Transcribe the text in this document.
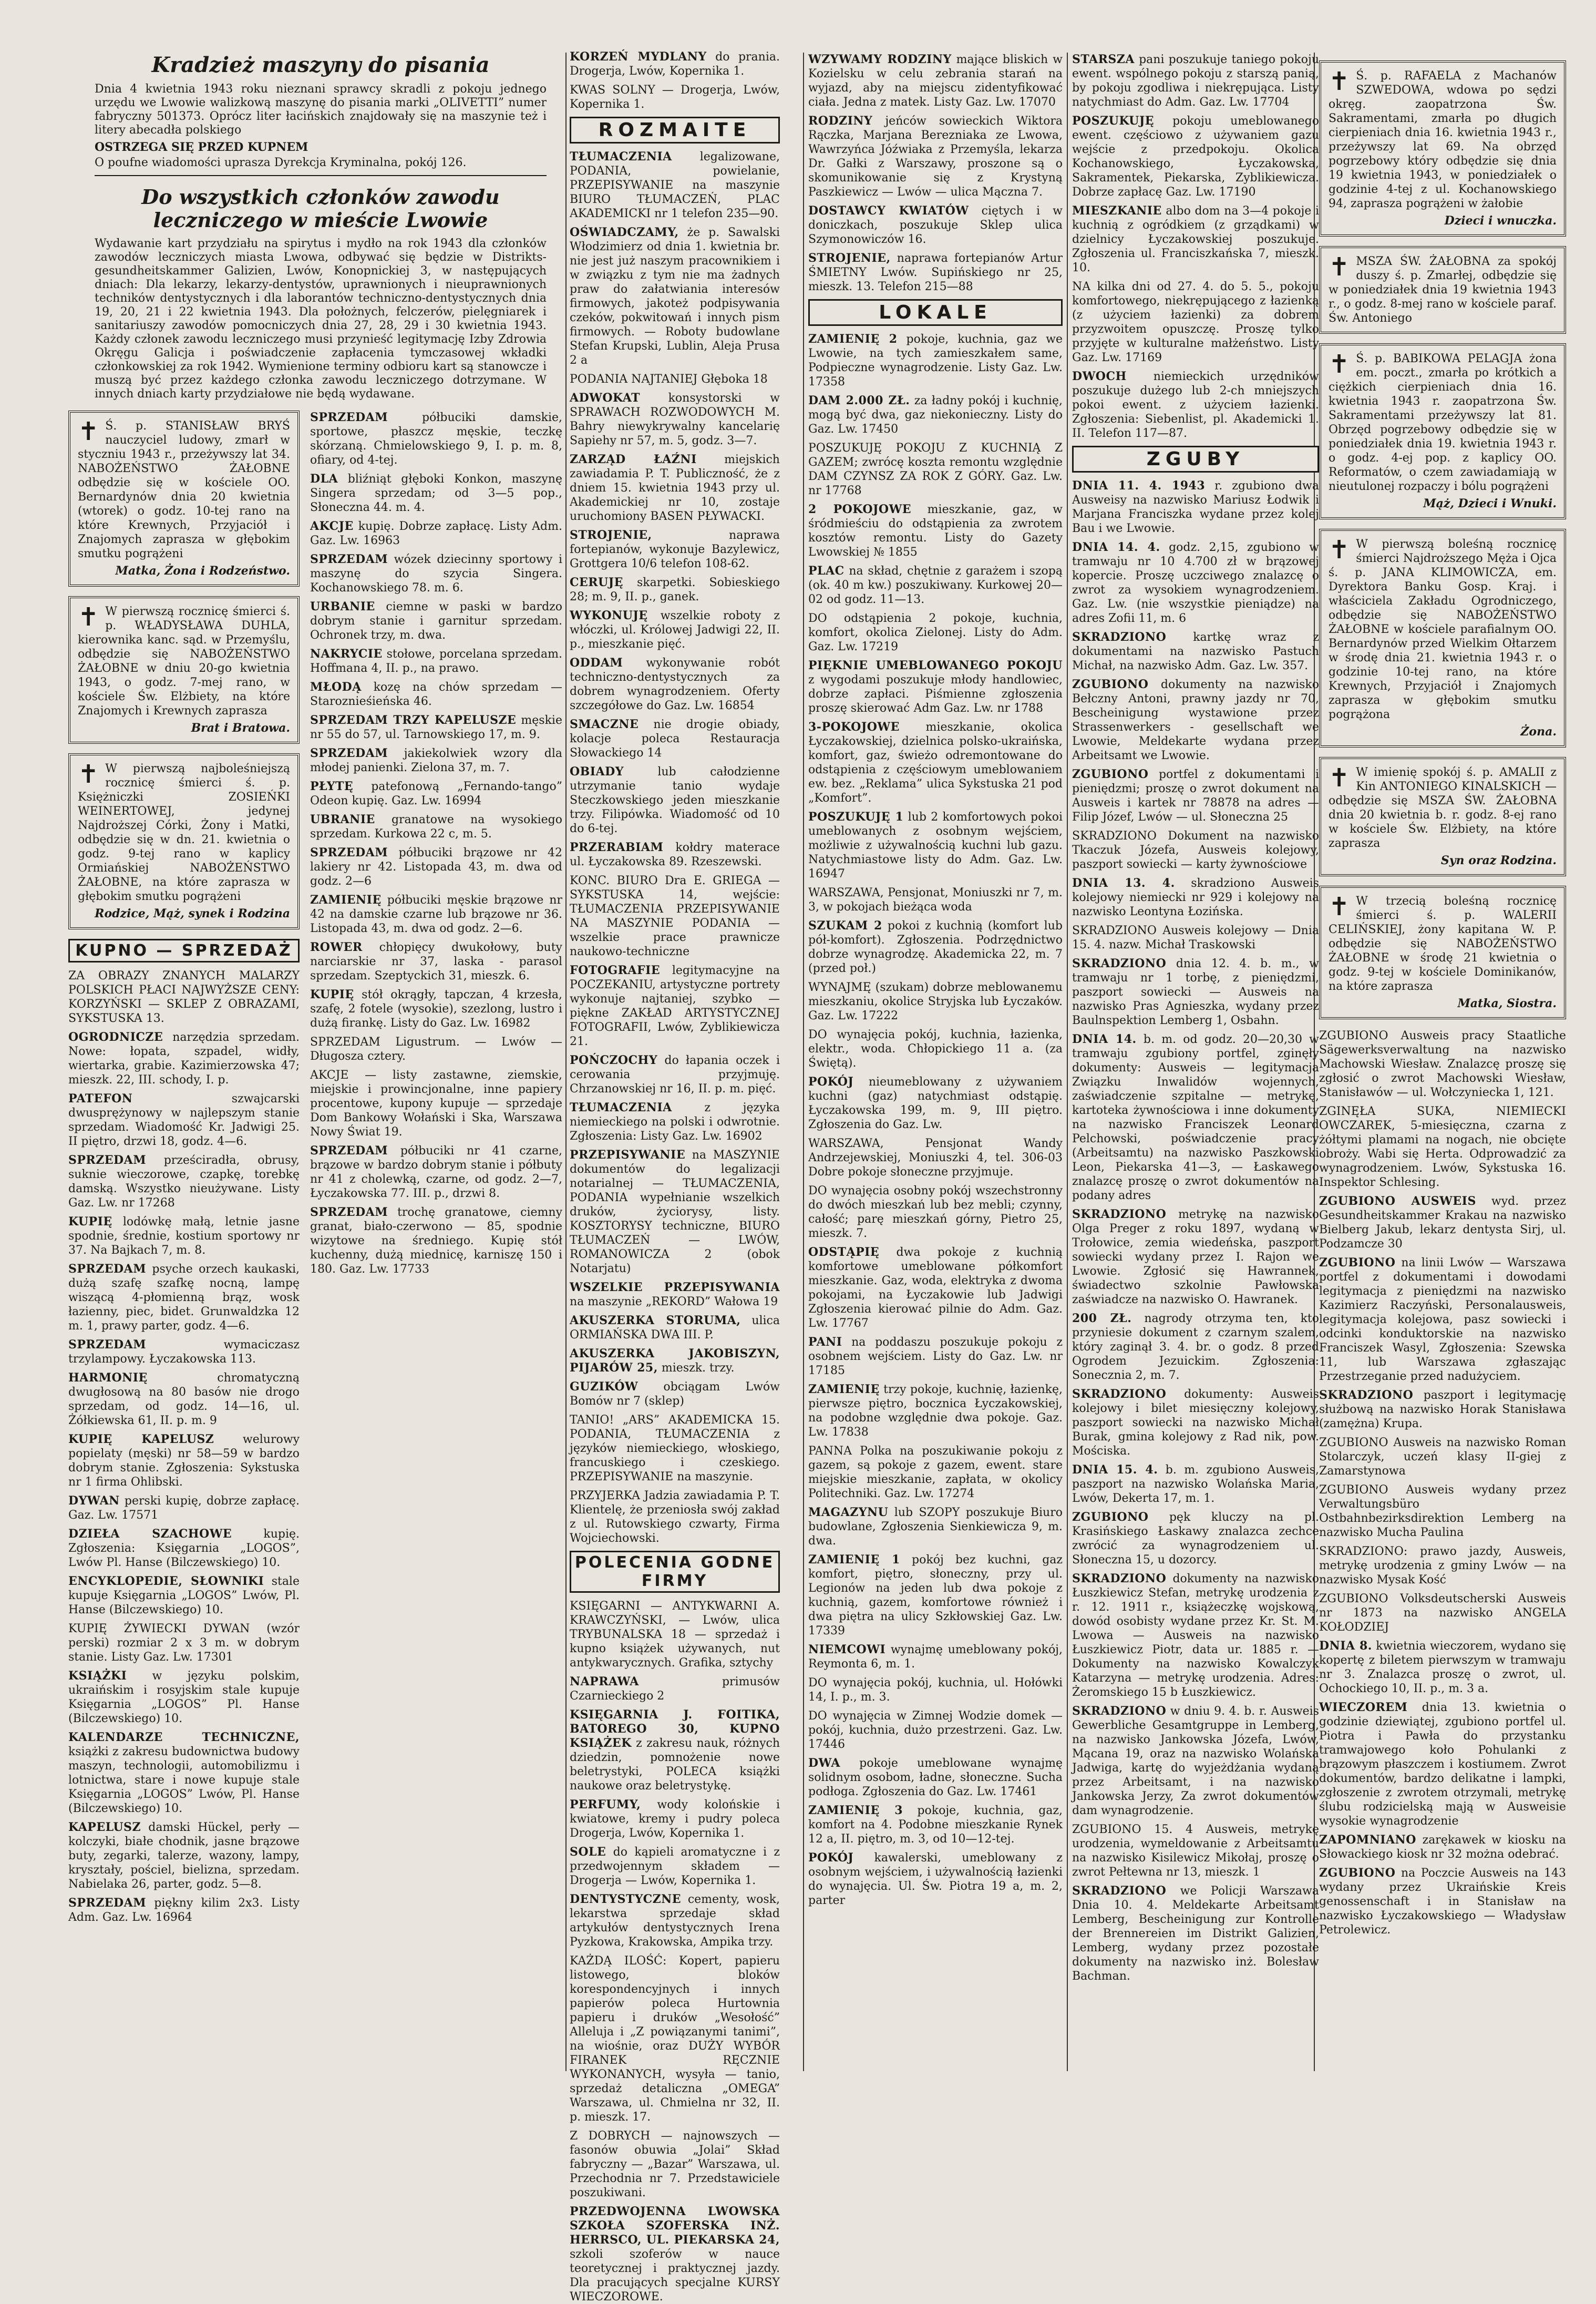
Kradzież maszyny do pisania

Dnia 4 kwietnia 1943 roku nieznani sprawcy skradli z pokoju jednego urzędu we Lwowie walizkową maszynę do pisania marki „OLIVETTI” numer fabryczny 501373. Oprócz liter łacińskich znajdowały się na maszynie też i litery abecadła polskiego

OSTRZEGA SIĘ PRZED KUPNEM

O poufne wiadomości uprasza Dyrekcja Kryminalna, pokój 126.

Do wszystkich członków zawodu leczniczego w mieście Lwowie

Wydawanie kart przydziału na spirytus i mydło na rok 1943 dla członków zawodów leczniczych miasta Lwowa, odbywać się będzie w Distrikts-gesundheitskammer Galizien, Lwów, Konopnickiej 3, w następujących dniach: Dla lekarzy, lekarzy-dentystów, uprawnionych i nieuprawnionych techników dentystycznych i dla laborantów techniczno-dentystycznych dnia 19, 20, 21 i 22 kwietnia 1943. Dla położnych, felczerów, pielęgniarek i sanitariuszy zawodów pomocniczych dnia 27, 28, 29 i 30 kwietnia 1943. Każdy członek zawodu leczniczego musi przynieść legitymację Izby Zdrowia Okręgu Galicja i poświadczenie zapłacenia tymczasowej wkładki członkowskiej za rok 1942. Wymienione terminy odbioru kart są stanowcze i muszą być przez każdego członka zawodu leczniczego dotrzymane. W innych dniach karty przydziałowe nie będą wydawane.

✝ Ś. p. STANISŁAW BRYŚ nauczyciel ludowy, zmarł w styczniu 1943 r., przeżywszy lat 34. NABOŻEŃSTWO ŻAŁOBNE odbędzie się w kościele OO. Bernardynów dnia 20 kwietnia (wtorek) o godz. 10-tej rano na które Krewnych, Przyjaciół i Znajomych zaprasza w głębokim smutku pogrążeni
Matka, Żona i Rodzeństwo.
✝ W pierwszą rocznicę śmierci ś. p. WŁADYSŁAWA DUHLA, kierownika kanc. sąd. w Przemyślu, odbędzie się NABOŻEŃSTWO ŻAŁOBNE w dniu 20-go kwietnia 1943, o godz. 7-mej rano, w kościele Św. Elżbiety, na które Znajomych i Krewnych zaprasza
Brat i Bratowa.
✝ W pierwszą najboleśniejszą rocznicę śmierci ś. p. Księżniczki ZOSIEŃKI WEINERTOWEJ, jedynej Najdroższej Córki, Żony i Matki, odbędzie się w dn. 21. kwietnia o godz. 9-tej rano w kaplicy Ormiańskiej NABOŻEŃSTWO ŻAŁOBNE, na które zaprasza w głębokim smutku pogrążeni
Rodzice, Mąż, synek i Rodzina
KUPNO — SPRZEDAŻ

ZA OBRAZY ZNANYCH MALARZY POLSKICH PŁACI NAJWYŻSZE CENY: KORZYŃSKI — SKLEP Z OBRAZAMI, SYKSTUSKA 13.

OGRODNICZE narzędzia sprzedam. Nowe: łopata, szpadel, widły, wiertarka, grabie. Kazimierzowska 47; mieszk. 22, III. schody, I. p.

PATEFON szwajcarski dwusprężynowy w najlepszym stanie sprzedam. Wiadomość Kr. Jadwigi 25. II piętro, drzwi 18, godz. 4—6.

SPRZEDAM prześciradła, obrusy, suknie wieczorowe, czapkę, torebkę damską. Wszystko nieużywane. Listy Gaz. Lw. nr 17268

KUPIĘ lodówkę małą, letnie jasne spodnie, średnie, kostium sportowy nr 37. Na Bajkach 7, m. 8.

SPRZEDAM psyche orzech kaukaski, dużą szafę szafkę nocną, lampę wiszącą 4-płomienną brąz, wosk łazienny, piec, bidet. Grunwaldzka 12 m. 1, prawy parter, godz. 4—6.

SPRZEDAM wymaciczasz trzylampowy. Łyczakowska 113.

HARMONIĘ chromatyczną dwugłosową na 80 basów nie drogo sprzedam, od godz. 14—16, ul. Żółkiewska 61, II. p. m. 9

KUPIĘ KAPELUSZ welurowy popielaty (męski) nr 58—59 w bardzo dobrym stanie. Zgłoszenia: Sykstuska nr 1 firma Ohlibski.

DYWAN perski kupię, dobrze zapłacę. Gaz. Lw. 17571

DZIEŁA SZACHOWE kupię. Zgłoszenia: Księgarnia „LOGOS”, Lwów Pl. Hanse (Bilczewskiego) 10.

ENCYKLOPEDIE, SŁOWNIKI stale kupuje Księgarnia „LOGOS” Lwów, Pl. Hanse (Bilczewskiego) 10.

KUPIĘ ŻYWIECKI DYWAN (wzór perski) rozmiar 2 x 3 m. w dobrym stanie. Listy Gaz. Lw. 17301

KSIĄŻKI w języku polskim, ukraińskim i rosyjskim stale kupuje Księgarnia „LOGOS” Pl. Hanse (Bilczewskiego) 10.

KALENDARZE TECHNICZNE, książki z zakresu budownictwa budowy maszyn, technologii, automobilizmu i lotnictwa, stare i nowe kupuje stale Księgarnia „LOGOS” Lwów, Pl. Hanse (Bilczewskiego) 10.

KAPELUSZ damski Hückel, perły — kolczyki, białe chodnik, jasne brązowe buty, zegarki, talerze, wazony, lampy, kryształy, pościel, bielizna, sprzedam. Nabielaka 26, parter, godz. 5—8.

SPRZEDAM piękny kilim 2x3. Listy Adm. Gaz. Lw. 16964

SPRZEDAM półbuciki damskie, sportowe, płaszcz męskie, teczkę skórzaną. Chmielowskiego 9, I. p. m. 8, ofiary, od 4-tej.

DLA bliźniąt głęboki Konkon, maszynę Singera sprzedam; od 3—5 pop., Słoneczna 44. m. 4.

AKCJE kupię. Dobrze zapłacę. Listy Adm. Gaz. Lw. 16963

SPRZEDAM wózek dziecinny sportowy i maszynę do szycia Singera. Kochanowskiego 78. m. 6.

URBANIE ciemne w paski w bardzo dobrym stanie i garnitur sprzedam. Ochronek trzy, m. dwa.

NAKRYCIE stołowe, porcelana sprzedam. Hoffmana 4, II. p., na prawo.

MŁODĄ kozę na chów sprzedam — Staroznieśieńska 46.

SPRZEDAM TRZY KAPELUSZE męskie nr 55 do 57, ul. Tarnowskiego 17, m. 9.

SPRZEDAM jakiekolwiek wzory dla młodej panienki. Zielona 37, m. 7.

PŁYTĘ patefonową „Fernando-tango” Odeon kupię. Gaz. Lw. 16994

UBRANIE granatowe na wysokiego sprzedam. Kurkowa 22 c, m. 5.

SPRZEDAM półbuciki brązowe nr 42 lakiery nr 42. Listopada 43, m. dwa od godz. 2—6

ZAMIENIĘ półbuciki męskie brązowe nr 42 na damskie czarne lub brązowe nr 36. Listopada 43, m. dwa od godz. 2—6.

ROWER chłopięcy dwukołowy, buty narciarskie nr 37, laska - parasol sprzedam. Szeptyckich 31, mieszk. 6.

KUPIĘ stół okrągły, tapczan, 4 krzesła, szafę, 2 fotele (wysokie), szezlong, lustro i dużą firankę. Listy do Gaz. Lw. 16982

SPRZEDAM Ligustrum. — Lwów — Długosza cztery.

AKCJE — listy zastawne, ziemskie, miejskie i prowincjonalne, inne papiery procentowe, kupony kupuje — sprzedaje Dom Bankowy Wołański i Ska, Warszawa Nowy Świat 19.

SPRZEDAM półbuciki nr 41 czarne, brązowe w bardzo dobrym stanie i półbuty nr 41 z cholewką, czarne, od godz. 2—7, Łyczakowska 77. III. p., drzwi 8.

SPRZEDAM trochę granatowe, ciemny granat, biało-czerwono — 85, spodnie wizytowe na średniego. Kupię stół kuchenny, dużą miednicę, karniszę 150 i 180. Gaz. Lw. 17733

KORZEŃ MYDLANY do prania. Drogerja, Lwów, Kopernika 1.

KWAS SOLNY — Drogerja, Lwów, Kopernika 1.

ROZMAITE

TŁUMACZENIA legalizowane, PODANIA, powielanie, PRZEPISYWANIE na maszynie BIURO TŁUMACZEŃ, PLAC AKADEMICKI nr 1 telefon 235—90.

OŚWIADCZAMY, że p. Sawalski Włodzimierz od dnia 1. kwietnia br. nie jest już naszym pracownikiem i w związku z tym nie ma żadnych praw do załatwiania interesów firmowych, jakoteż podpisywania czeków, pokwitowań i innych pism firmowych. — Roboty budowlane Stefan Krupski, Lublin, Aleja Prusa 2 a

PODANIA NAJTANIEJ Głęboka 18

ADWOKAT konsystorski w SPRAWACH ROZWODOWYCH M. Bahry niewykrywalny kancelarię Sapiehy nr 57, m. 5, godz. 3—7.

ZARZĄD ŁAŹNI miejskich zawiadamia P. T. Publiczność, że z dniem 15. kwietnia 1943 przy ul. Akademickiej nr 10, zostaje uruchomiony BASEN PŁYWACKI.

STROJENIE, naprawa fortepianów, wykonuje Bazylewicz, Grottgera 10/6 telefon 108-62.

CERUJĘ skarpetki. Sobieskiego 28; m. 9, II. p., ganek.

WYKONUJĘ wszelkie roboty z włóczki, ul. Królowej Jadwigi 22, II. p., mieszkanie pięć.

ODDAM wykonywanie robót techniczno-dentystycznych za dobrem wynagrodzeniem. Oferty szczegółowe do Gaz. Lw. 16854

SMACZNE nie drogie obiady, kolacje poleca Restauracja Słowackiego 14

OBIADY lub całodzienne utrzymanie tanio wydaje Steczkowskiego jeden mieszkanie trzy. Filipówka. Wiadomość od 10 do 6-tej.

PRZERABIAM kołdry materace ul. Łyczakowska 89. Rzeszewski.

KONC. BIURO Dra E. GRIEGA — SYKSTUSKA 14, wejście: TŁUMACZENIA PRZEPISYWANIE NA MASZYNIE PODANIA — wszelkie prace prawnicze naukowo-techniczne

FOTOGRAFIE legitymacyjne na POCZEKANIU, artystyczne portrety wykonuje najtaniej, szybko — piękne ZAKŁAD ARTYSTYCZNEJ FOTOGRAFII, Lwów, Zyblikiewicza 21.

POŃCZOCHY do łapania oczek i cerowania przyjmuję. Chrzanowskiej nr 16, II. p. m. pięć.

TŁUMACZENIA z języka niemieckiego na polski i odwrotnie. Zgłoszenia: Listy Gaz. Lw. 16902

PRZEPISYWANIE na MASZYNIE dokumentów do legalizacji notarialnej — TŁUMACZENIA, PODANIA wypełnianie wszelkich druków, życiorysy, listy. KOSZTORYSY techniczne, BIURO TŁUMACZEŃ — LWÓW, ROMANOWICZA 2 (obok Notarjatu)

WSZELKIE PRZEPISYWANIA na maszynie „REKORD” Wałowa 19

AKUSZERKA STORUMA, ulica ORMIAŃSKA DWA III. P.

AKUSZERKA JAKOBISZYN, PIJARÓW 25, mieszk. trzy.

GUZIKÓW obciągam Lwów Bomów nr 7 (sklep)

TANIO! „ARS” AKADEMICKA 15. PODANIA, TŁUMACZENIA z języków niemieckiego, włoskiego, francuskiego i czeskiego. PRZEPISYWANIE na maszynie.

PRZYJERKA Jadzia zawiadamia P. T. Klientelę, że przeniosła swój zakład z ul. Rutowskiego czwarty, Firma Wojciechowski.

POLECENIA GODNE FIRMY

KSIĘGARNI — ANTYKWARNI A. KRAWCZYŃSKI, — Lwów, ulica TRYBUNALSKA 18 — sprzedaż i kupno książek używanych, nut antykwarycznych. Grafika, sztychy

NAPRAWA primusów Czarnieckiego 2

KSIĘGARNIA J. FOITIKA, BATOREGO 30, KUPNO KSIĄŻEK z zakresu nauk, różnych dziedzin, pomnożenie nowe beletrystyki, POLECA książki naukowe oraz beletrystykę.

PERFUMY, wody kolońskie i kwiatowe, kremy i pudry poleca Drogerja, Lwów, Kopernika 1.

SOLE do kąpieli aromatyczne i z przedwojennym składem — Drogerja — Lwów, Kopernika 1.

DENTYSTYCZNE cementy, wosk, lekarstwa sprzedaje skład artykułów dentystycznych Irena Pyzkowa, Krakowska, Ampika trzy.

KAŻDĄ ILOŚĆ: Kopert, papieru listowego, bloków korespondencyjnych i innych papierów poleca Hurtownia papieru i druków „Wesołość” Alleluja i „Z powiązanymi tanimi”, na wiośnie, oraz DUŻY WYBÓR FIRANEK RĘCZNIE WYKONANYCH, wysyła — tanio, sprzedaż detaliczna „OMEGA” Warszawa, ul. Chmielna nr 32, II. p. mieszk. 17.

Z DOBRYCH — najnowszych — fasonów obuwia „Jolai” Skład fabryczny — „Bazar” Warszawa, ul. Przechodnia nr 7. Przedstawiciele poszukiwani.

PRZEDWOJENNA LWOWSKA SZKOŁA SZOFERSKA INŻ. HERRSCO, UL. PIEKARSKA 24, szkoli szoferów w nauce teoretycznej i praktycznej jazdy. Dla pracujących specjalne KURSY WIECZOROWE.

WZYWAMY RODZINY mające bliskich w Kozielsku w celu zebrania starań na wyjazd, aby na miejscu zidentyfikować ciała. Jedna z matek. Listy Gaz. Lw. 17070

RODZINY jeńców sowieckich Wiktora Rączka, Marjana Berezniaka ze Lwowa, Wawrzyńca Jóźwiaka z Przemyśla, lekarza Dr. Gałki z Warszawy, proszone są o skomunikowanie się z Krystyną Paszkiewicz — Lwów — ulica Mączna 7.

DOSTAWCY KWIATÓW ciętych i w doniczkach, poszukuje Sklep ulica Szymonowiczów 16.

STROJENIE, naprawa fortepianów Artur ŚMIETNY Lwów. Supińskiego nr 25, mieszk. 13. Telefon 215—88

LOKALE

ZAMIENIĘ 2 pokoje, kuchnia, gaz we Lwowie, na tych zamieszkałem same, Podpieczne wynagrodzenie. Listy Gaz. Lw. 17358

DAM 2.000 ZŁ. za ładny pokój i kuchnię, mogą być dwa, gaz niekonieczny. Listy do Gaz. Lw. 17450

POSZUKUJĘ POKOJU Z KUCHNIĄ Z GAZEM; zwrócę koszta remontu względnie DAM CZYNSZ ZA ROK Z GÓRY. Gaz. Lw. nr 17768

2 POKOJOWE mieszkanie, gaz, w śródmieściu do odstąpienia za zwrotem kosztów remontu. Listy do Gazety Lwowskiej № 1855

PLAC na skład, chętnie z garażem i szopą (ok. 40 m kw.) poszukiwany. Kurkowej 20—02 od godz. 11—13.

DO odstąpienia 2 pokoje, kuchnia, komfort, okolica Zielonej. Listy do Adm. Gaz. Lw. 17219

PIĘKNIE UMEBLOWANEGO POKOJU z wygodami poszukuje młody handlowiec, dobrze zapłaci. Piśmienne zgłoszenia proszę skierować Adm Gaz. Lw. nr 1788

3-POKOJOWE mieszkanie, okolica Łyczakowskiej, dzielnica polsko-ukraińska, komfort, gaz, świeżo odremontowane do odstąpienia z częściowym umeblowaniem ew. bez. „Reklama” ulica Sykstuska 21 pod „Komfort”.

POSZUKUJĘ 1 lub 2 komfortowych pokoi umeblowanych z osobnym wejściem, możliwie z używalnością kuchni lub gazu. Natychmiastowe listy do Adm. Gaz. Lw. 16947

WARSZAWA, Pensjonat, Moniuszki nr 7, m. 3, w pokojach bieżąca woda

SZUKAM 2 pokoi z kuchnią (komfort lub pół-komfort). Zgłoszenia. Podrzędnictwo dobrze wynagrodzę. Akademicka 22, m. 7 (przed poł.)

WYNAJMĘ (szukam) dobrze meblowanemu mieszkaniu, okolice Stryjska lub Łyczaków. Gaz. Lw. 17222

DO wynajęcia pokój, kuchnia, łazienka, elektr., woda. Chłopickiego 11 a. (za Świętą).

POKÓJ nieumeblowany z używaniem kuchni (gaz) natychmiast odstąpię. Łyczakowska 199, m. 9, III piętro. Zgłoszenia do Gaz. Lw.

WARSZAWA, Pensjonat Wandy Andrzejewskiej, Moniuszki 4, tel. 306-03 Dobre pokoje słoneczne przyjmuje.

DO wynajęcia osobny pokój wszechstronny do dwóch mieszkań lub bez mebli; czynny, całość; parę mieszkań górny, Pietro 25, mieszk. 7.

ODSTĄPIĘ dwa pokoje z kuchnią komfortowe umeblowane półkomfort mieszkanie. Gaz, woda, elektryka z dwoma pokojami, na Łyczakowie lub Jadwigi Zgłoszenia kierować pilnie do Adm. Gaz. Lw. 17767

PANI na poddaszu poszukuje pokoju z osobnem wejściem. Listy do Gaz. Lw. nr 17185

ZAMIENIĘ trzy pokoje, kuchnię, łazienkę, pierwsze piętro, bocznica Łyczakowskiej, na podobne względnie dwa pokoje. Gaz. Lw. 17838

PANNA Polka na poszukiwanie pokoju z gazem, są pokoje z gazem, ewent. stare miejskie mieszkanie, zapłata, w okolicy Politechniki. Gaz. Lw. 17274

MAGAZYNU lub SZOPY poszukuje Biuro budowlane, Zgłoszenia Sienkiewicza 9, m. dwa.

ZAMIENIĘ 1 pokój bez kuchni, gaz komfort, piętro, słoneczny, przy ul. Legionów na jeden lub dwa pokoje z kuchnią, gazem, komfortowe również i dwa piętra na ulicy Szkłowskiej Gaz. Lw. 17339

NIEMCOWI wynajmę umeblowany pokój, Reymonta 6, m. 1.

DO wynajęcia pokój, kuchnia, ul. Hołówki 14, I. p., m. 3.

DO wynajęcia w Zimnej Wodzie domek — pokój, kuchnia, dużo przestrzeni. Gaz. Lw. 17446

DWA pokoje umeblowane wynajmę solidnym osobom, ładne, słoneczne. Sucha podłoga. Zgłoszenia do Gaz. Lw. 17461

ZAMIENIĘ 3 pokoje, kuchnia, gaz, komfort na 4. Podobne mieszkanie Rynek 12 a, II. piętro, m. 3, od 10—12-tej.

POKÓJ kawalerski, umeblowany z osobnym wejściem, i używalnością łazienki do wynajęcia. Ul. Św. Piotra 19 a, m. 2, parter

STARSZA pani poszukuje taniego pokoju ewent. wspólnego pokoju z starszą panią, by pokoju zgodliwa i niekrępująca. Listy natychmiast do Adm. Gaz. Lw. 17704

POSZUKUJĘ pokoju umeblowanego ewent. częściowo z używaniem gazu wejście z przedpokoju. Okolica Kochanowskiego, Łyczakowska, Sakramentek, Piekarska, Zyblikiewicza. Dobrze zapłacę Gaz. Lw. 17190

MIESZKANIE albo dom na 3—4 pokoje i kuchnią z ogródkiem (z grządkami) w dzielnicy Łyczakowskiej poszukuje. Zgłoszenia ul. Franciszkańska 7, mieszk. 10.

NA kilka dni od 27. 4. do 5. 5., pokoju komfortowego, niekrępującego z łazienką (z użyciem łazienki) za dobrem przyzwoitem opuszczę. Proszę tylko przyjęte w kulturalne małżeństwo. Listy Gaz. Lw. 17169

DWOCH niemieckich urzędników poszukuje dużego lub 2-ch mniejszych pokoi ewent. z użyciem łazienki. Zgłoszenia: Siebenlist, pl. Akademicki 1. II. Telefon 117—87.

ZGUBY

DNIA 11. 4. 1943 r. zgubiono dwa Ausweisy na nazwisko Mariusz Łodwik i Marjana Franciszka wydane przez kolej Bau i we Lwowie.

DNIA 14. 4. godz. 2,15, zgubiono w tramwaju nr 10 4.700 zł w brązowej kopercie. Proszę uczciwego znalazcę o zwrot za wysokiem wynagrodzeniem. Gaz. Lw. (nie wszystkie pieniądze) na adres Zofii 11, m. 6

SKRADZIONO kartkę wraz z dokumentami na nazwisko Pastuch Michał, na nazwisko Adm. Gaz. Lw. 357.

ZGUBIONO dokumenty na nazwisko Bełczny Antoni, prawny jazdy nr 70, Bescheinigung wystawione przez Strassenwerkers - gesellschaft we Lwowie, Meldekarte wydana przez Arbeitsamt we Lwowie.

ZGUBIONO portfel z dokumentami i pieniędzmi; proszę o zwrot dokument na Ausweis i kartek nr 78878 na adres — Filip Józef, Lwów — ul. Słoneczna 25

SKRADZIONO Dokument na nazwisko Tkaczuk Józefa, Ausweis kolejowy, paszport sowiecki — karty żywnościowe

DNIA 13. 4. skradziono Ausweis kolejowy niemiecki nr 929 i kolejowy na nazwisko Leontyna Łozińska.

SKRADZIONO Ausweis kolejowy — Dnia 15. 4. nazw. Michał Traskowski

SKRADZIONO dnia 12. 4. b. m., w tramwaju nr 1 torbę, z pieniędzmi, paszport sowiecki — Ausweis na nazwisko Pras Agnieszka, wydany przez Baulnspektion Lemberg 1, Osbahn.

DNIA 14. b. m. od godz. 20—20,30 w tramwaju zgubiony portfel, zginęły dokumenty: Ausweis — legitymacja Związku Inwalidów wojennych, zaświadczenie szpitalne — metrykę, kartoteka żywnościowa i inne dokumenty na nazwisko Franciszek Leonard Pelchowski, poświadczenie pracy (Arbeitsamtu) na nazwisko Paszkowski Leon, Piekarska 41—3, — Łaskawego znalazcę proszę o zwrot dokumentów na podany adres

SKRADZIONO metrykę na nazwisko Olga Preger z roku 1897, wydaną w Trołowice, zemia wiedeńska, paszport sowiecki wydany przez I. Rajon we Lwowie. Zgłosić się Hawrannek, świadectwo szkolnie Pawłowska zaświadcze na nazwisko O. Hawranek.

200 ZŁ. nagrody otrzyma ten, kto przyniesie dokument z czarnym szalem, który zaginął 3. 4. br. o godz. 8 przed Ogrodem Jezuickim. Zgłoszenia: Sonecznia 2, m. 7.

SKRADZIONO dokumenty: Ausweis kolejowy i bilet miesięczny kolejowy, paszport sowiecki na nazwisko Michał Burak, gmina kolejowy z Rad nik, pow. Mościska.

DNIA 15. 4. b. m. zgubiono Ausweis, paszport na nazwisko Wolańska Maria, Lwów, Dekerta 17, m. 1.

ZGUBIONO pęk kluczy na pl. Krasińskiego Łaskawy znalazca zechce zwrócić za wynagrodzeniem ul. Słoneczna 15, u dozorcy.

SKRADZIONO dokumenty na nazwisko Łuszkiewicz Stefan, metrykę urodzenia z r. 12. 1911 r., książeczkę wojskową, dowód osobisty wydane przez Kr. St. M. Lwowa — Ausweis na nazwisko Łuszkiewicz Piotr, data ur. 1885 r. — Dokumenty na nazwisko Kowalczyk Katarzyna — metrykę urodzenia. Adres: Żeromskiego 15 b Łuszkiewicz.

SKRADZIONO w dniu 9. 4. b. r. Ausweis Gewerbliche Gesamtgruppe in Lemberg, na nazwisko Jankowska Józefa, Lwów, Mącana 19, oraz na nazwisko Wolańska Jadwiga, kartę do wyjeżdżania wydaną przez Arbeitsamt, i na nazwisko Jankowska Jerzy, Za zwrot dokumentów dam wynagrodzenie.

ZGUBIONO 15. 4 Ausweis, metrykę urodzenia, wymeldowanie z Arbeitsamtu na nazwisko Kisilewicz Mikołaj, proszę o zwrot Pełtewna nr 13, mieszk. 1

SKRADZIONO we Policji Warszawa Dnia 10. 4. Meldekarte Arbeitsamt Lemberg, Bescheinigung zur Kontrolle der Brennereien im Distrikt Galizien, Lemberg, wydany przez pozostałe dokumenty na nazwisko inż. Bolesław Bachman.

✝ Ś. p. RAFAELA z Machanów SZWEDOWA, wdowa po sędzi okręg. zaopatrzona Św. Sakramentami, zmarła po długich cierpieniach dnia 16. kwietnia 1943 r., przeżywszy lat 69. Na obrzęd pogrzebowy który odbędzie się dnia 19 kwietnia 1943, w poniedziałek o godzinie 4-tej z ul. Kochanowskiego 94, zaprasza pogrążeni w żałobie
Dzieci i wnuczka.
✝ MSZA ŚW. ŻAŁOBNA za spokój duszy ś. p. Zmarłej, odbędzie się w poniedziałek dnia 19 kwietnia 1943 r., o godz. 8-mej rano w kościele paraf. Św. Antoniego
✝ Ś. p. BABIKOWA PELAGJA żona em. poczt., zmarła po krótkich a ciężkich cierpieniach dnia 16. kwietnia 1943 r. zaopatrzona Św. Sakramentami przeżywszy lat 81. Obrzęd pogrzebowy odbędzie się w poniedziałek dnia 19. kwietnia 1943 r. o godz. 4-ej pop. z kaplicy OO. Reformatów, o czem zawiadamiają w nieutulonej rozpaczy i bólu pogrążeni
Mąż, Dzieci i Wnuki.
✝ W pierwszą boleśną rocznicę śmierci Najdroższego Męża i Ojca ś. p. JANA KLIMOWICZA, em. Dyrektora Banku Gosp. Kraj. i właściciela Zakładu Ogrodniczego, odbędzie się NABOŻEŃSTWO ŻAŁOBNE w kościele parafialnym OO. Bernardynów przed Wielkim Ołtarzem w środę dnia 21. kwietnia 1943 r. o godzinie 10-tej rano, na które Krewnych, Przyjaciół i Znajomych zaprasza w głębokim smutku pogrążona
Żona.
✝ W imienię spokój ś. p. AMALII z Kin ANTONIEGO KINALSKICH — odbędzie się MSZA ŚW. ŻAŁOBNA dnia 20 kwietnia b. r. godz. 8-ej rano w kościele Św. Elżbiety, na które zaprasza
Syn oraz Rodzina.
✝ W trzecią boleśną rocznicę śmierci ś. p. WALERII CELIŃSKIEJ, żony kapitana W. P. odbędzie się NABOŻEŃSTWO ŻAŁOBNE w środę 21 kwietnia o godz. 9-tej w kościele Dominikanów, na które zaprasza
Matka, Siostra.

ZGUBIONO Ausweis pracy Staatliche Sägewerksverwaltung na nazwisko Machowski Wiesław. Znalazcę proszę się zgłosić o zwrot Machowski Wiesław, Stanisławów — ul. Wołczyniecka 1, 121.

ZGINĘŁA SUKA, NIEMIECKI OWCZAREK, 5-miesięczna, czarna z żółtymi plamami na nogach, nie obcięte obroży. Wabi się Herta. Odprowadzić za wynagrodzeniem. Lwów, Sykstuska 16. Inspektor Schlesing.

ZGUBIONO AUSWEIS wyd. przez Gesundheitskammer Krakau na nazwisko Bielberg Jakub, lekarz dentysta Sirj, ul. Podzamcze 30

ZGUBIONO na linii Lwów — Warszawa portfel z dokumentami i dowodami legitymacja z pieniędzmi na nazwisko Kazimierz Raczyński, Personalausweis, legitymacja kolejowa, pasz sowiecki i odcinki konduktorskie na nazwisko Franciszek Wasyl, Zgłoszenia: Szewska 11, lub Warszawa zgłaszając Przestrzeganie przed nadużyciem.

SKRADZIONO paszport i legitymację służbową na nazwisko Horak Stanisława (zamężna) Krupa.

ZGUBIONO Ausweis na nazwisko Roman Stolarczyk, uczeń klasy II-giej z Zamarstynowa

ZGUBIONO Ausweis wydany przez Verwaltungsbüro Ostbahnbezirksdirektion Lemberg na nazwisko Mucha Paulina

SKRADZIONO: prawo jazdy, Ausweis, metrykę urodzenia z gminy Lwów — na nazwisko Mysak Kość

ZGUBIONO Volksdeutscherski Ausweis nr 1873 na nazwisko ANGELA KOŁODZIEJ

DNIA 8. kwietnia wieczorem, wydano się kopertę z biletem pierwszym w tramwaju nr 3. Znalazca proszę o zwrot, ul. Ochockiego 10, II. p., m. 3 a.

WIECZOREM dnia 13. kwietnia o godzinie dziewiątej, zgubiono portfel ul. Piotra i Pawła do przystanku tramwajowego koło Pohulanki z brązowym płaszczem i kostiumem. Zwrot dokumentów, bardzo delikatne i lampki, zgłoszenie z zwrotem otrzymali, metrykę ślubu rodzicielską mają w Ausweisie wysokie wynagrodzenie

ZAPOMNIANO zarękawek w kiosku na Słowackiego kiosk nr 32 można odebrać.

ZGUBIONO na Poczcie Ausweis na 143 wydany przez Ukraińskie Kreis genossenschaft i in Stanisław na nazwisko Łyczakowskiego — Władysław Petrolewicz.
